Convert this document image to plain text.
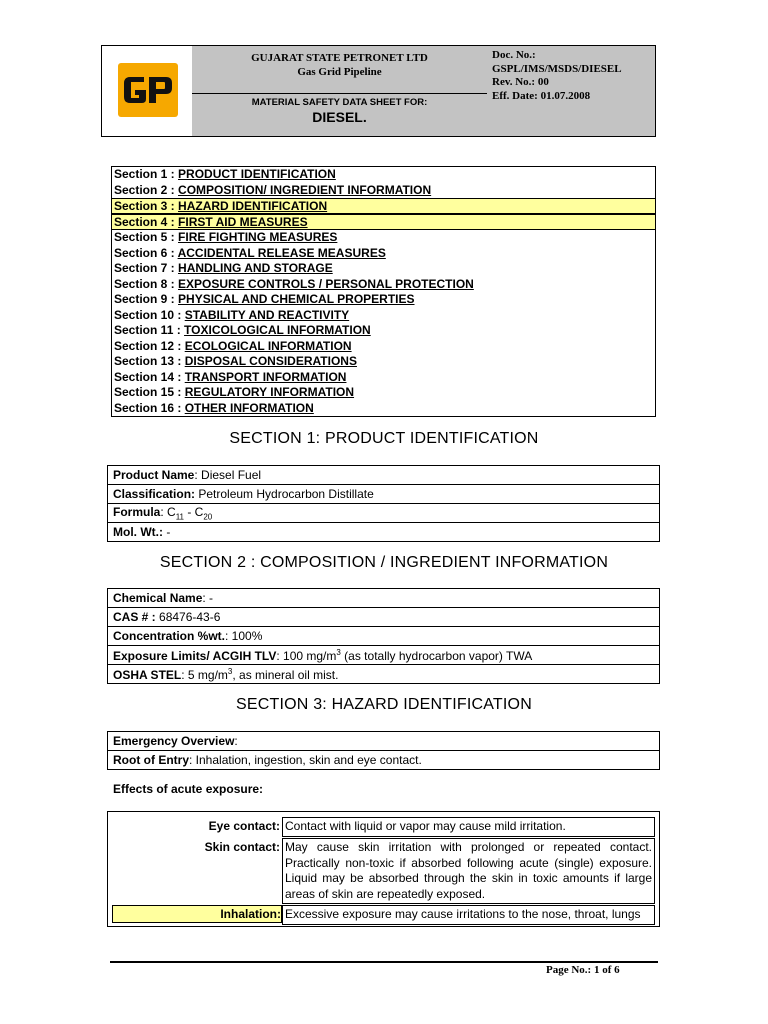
GUJARAT STATE PETRONET LTD
Gas Grid Pipeline
MATERIAL SAFETY DATA SHEET FOR:
DIESEL.
Doc. No.:
GSPL/IMS/MSDS/DIESEL
Rev. No.: 00
Eff. Date: 01.07.2008
Section 1 : PRODUCT IDENTIFICATION
Section 2 : COMPOSITION/ INGREDIENT INFORMATION
Section 3 : HAZARD IDENTIFICATION
Section 4 : FIRST AID MEASURES
Section 5 : FIRE FIGHTING MEASURES
Section 6 : ACCIDENTAL RELEASE MEASURES
Section 7 : HANDLING AND STORAGE
Section 8 : EXPOSURE CONTROLS / PERSONAL PROTECTION
Section 9 : PHYSICAL AND CHEMICAL PROPERTIES
Section 10 : STABILITY AND REACTIVITY
Section 11 : TOXICOLOGICAL INFORMATION
Section 12 : ECOLOGICAL INFORMATION
Section 13 : DISPOSAL CONSIDERATIONS
Section 14 : TRANSPORT INFORMATION
Section 15 : REGULATORY INFORMATION
Section 16 : OTHER INFORMATION
SECTION 1: PRODUCT IDENTIFICATION
Product Name: Diesel Fuel
Classification: Petroleum Hydrocarbon Distillate
Formula: $C_{11} - C_{20}$
Mol. Wt.: -
SECTION 2 : COMPOSITION / INGREDIENT INFORMATION
Chemical Name: -
CAS # : 68476-43-6
Concentration %wt.: 100%
Exposure Limits/ ACGIH TLV: 100 $mg/m^3$ (as totally hydrocarbon vapor) TWA
OSHA STEL: 5 $mg/m^3$, as mineral oil mist.
SECTION 3: HAZARD IDENTIFICATION
Emergency Overview:
Root of Entry: Inhalation, ingestion, skin and eye contact.
Effects of acute exposure:
Eye contact: Contact with liquid or vapor may cause mild irritation.
Skin contact: May cause skin irritation with prolonged or repeated contact. Practically non-toxic if absorbed following acute (single) exposure. Liquid may be absorbed through the skin in toxic amounts if large areas of skin are repeatedly exposed.
Inhalation: Excessive exposure may cause irritations to the nose, throat, lungs
Page No.: 1 of 6
